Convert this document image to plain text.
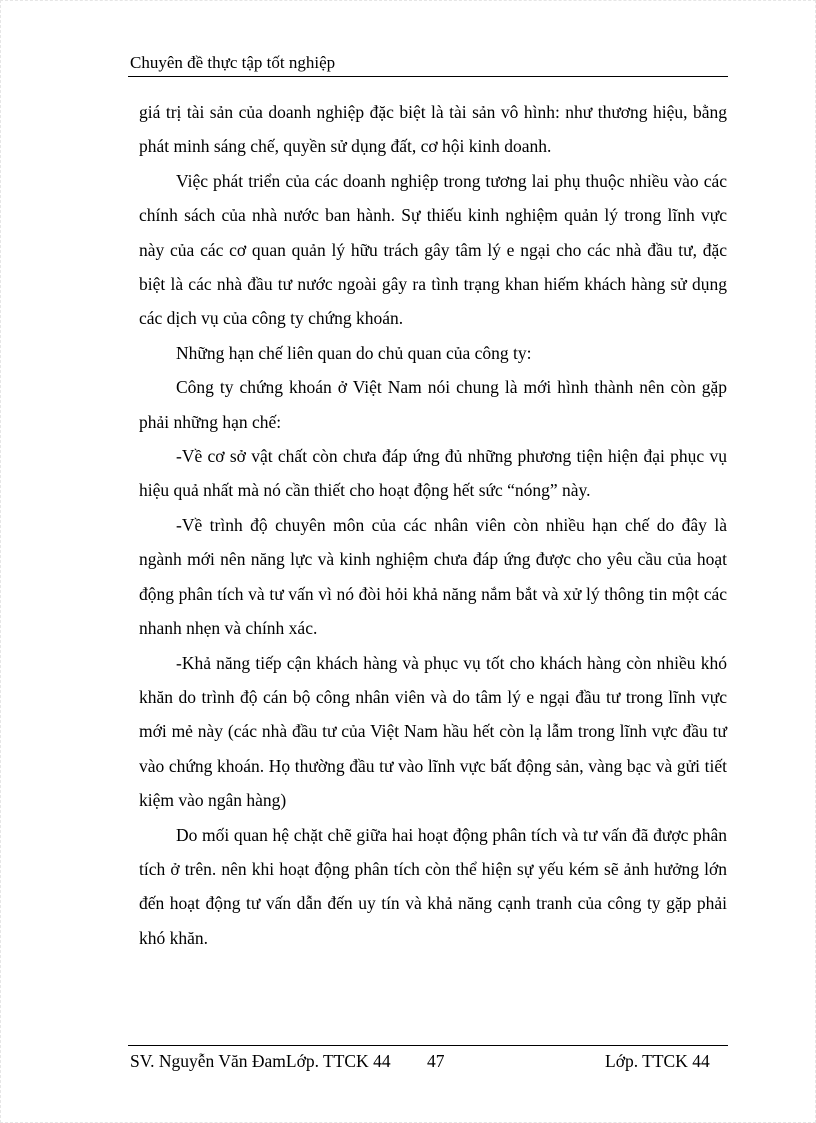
Chuyên đề thực tập tốt nghiệp

giá trị tài sản của doanh nghiệp đặc biệt là tài sản vô hình: như thương hiệu, bằng phát minh sáng chế, quyền sử dụng đất, cơ hội kinh doanh.

Việc phát triển của các doanh nghiệp trong tương lai phụ thuộc nhiều vào các chính sách của nhà nước ban hành. Sự thiếu kinh nghiệm quản lý trong lĩnh vực này của các cơ quan quản lý hữu trách gây tâm lý e ngại cho các nhà đầu tư, đặc biệt là các nhà đầu tư nước ngoài gây ra tình trạng khan hiếm khách hàng sử dụng các dịch vụ của công ty chứng khoán.

Những hạn chế liên quan do chủ quan của công ty:

Công ty chứng khoán ở Việt Nam nói chung là mới hình thành nên còn gặp phải những hạn chế:

-Về cơ sở vật chất còn chưa đáp ứng đủ những phương tiện hiện đại phục vụ hiệu quả nhất mà nó cần thiết cho hoạt động hết sức “nóng” này.

-Về trình độ chuyên môn của các nhân viên còn nhiều hạn chế do đây là ngành mới nên năng lực và kinh nghiệm chưa đáp ứng được cho yêu cầu của hoạt động phân tích và tư vấn vì nó đòi hỏi khả năng nắm bắt và xử lý thông tin một các nhanh nhẹn và chính xác.

-Khả năng tiếp cận khách hàng và phục vụ tốt cho khách hàng còn nhiều khó khăn do trình độ cán bộ công nhân viên và do tâm lý e ngại đầu tư trong lĩnh vực mới mẻ này (các nhà đầu tư của Việt Nam hầu hết còn lạ lẫm trong lĩnh vực đầu tư vào chứng khoán. Họ thường đầu tư vào lĩnh vực bất động sản, vàng bạc và gửi tiết kiệm vào ngân hàng)

Do mối quan hệ chặt chẽ giữa hai hoạt động phân tích và tư vấn đã được phân tích ở trên. nên khi hoạt động phân tích còn thể hiện sự yếu kém sẽ ảnh hưởng lớn đến hoạt động tư vấn dẫn đến uy tín và khả năng cạnh tranh của công ty gặp phải khó khăn.

SV. Nguyễn Văn ĐamLớp. TTCK 44 47	Lớp. TTCK 44
